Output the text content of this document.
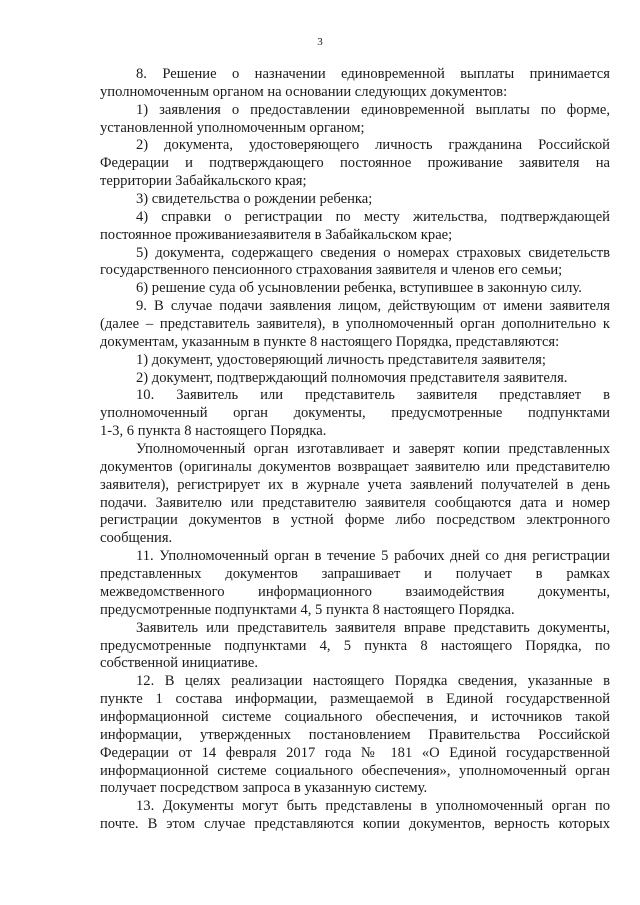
3
8. Решение о назначении единовременной выплаты принимается
уполномоченным органом на основании следующих документов:
1) заявления о предоставлении единовременной выплаты по форме,
установленной уполномоченным органом;
2) документа, удостоверяющего личность гражданина Российской
Федерации и подтверждающего постоянное проживание заявителя на
территории Забайкальского края;
3) свидетельства о рождении ребенка;
4) справки о регистрации по месту жительства, подтверждающей
постоянное проживаниезаявителя в Забайкальском крае;
5) документа, содержащего сведения о номерах страховых свидетельств
государственного пенсионного страхования заявителя и членов его семьи;
6) решение суда об усыновлении ребенка, вступившее в законную силу.
9. В случае подачи заявления лицом, действующим от имени заявителя
(далее – представитель заявителя), в уполномоченный орган дополнительно к
документам, указанным в пункте 8 настоящего Порядка, представляются:
1) документ, удостоверяющий личность представителя заявителя;
2) документ, подтверждающий полномочия представителя заявителя.
10. Заявитель или представитель заявителя представляет в
уполномоченный орган документы, предусмотренные подпунктами
1-3, 6 пункта 8 настоящего Порядка.
Уполномоченный орган изготавливает и заверят копии представленных
документов (оригиналы документов возвращает заявителю или представителю
заявителя), регистрирует их в журнале учета заявлений получателей в день
подачи. Заявителю или представителю заявителя сообщаются дата и номер
регистрации документов в устной форме либо посредством электронного
сообщения.
11. Уполномоченный орган в течение 5 рабочих дней со дня регистрации
представленных документов запрашивает и получает в рамках
межведомственного информационного взаимодействия документы,
предусмотренные подпунктами 4, 5 пункта 8 настоящего Порядка.
Заявитель или представитель заявителя вправе представить документы,
предусмотренные подпунктами 4, 5 пункта 8 настоящего Порядка, по
собственной инициативе.
12. В целях реализации настоящего Порядка сведения, указанные в
пункте 1 состава информации, размещаемой в Единой государственной
информационной системе социального обеспечения, и источников такой
информации, утвержденных постановлением Правительства Российской
Федерации от 14 февраля 2017 года № 181 «О Единой государственной
информационной системе социального обеспечения», уполномоченный орган
получает посредством запроса в указанную систему.
13. Документы могут быть представлены в уполномоченный орган по
почте. В этом случае представляются копии документов, верность которых
